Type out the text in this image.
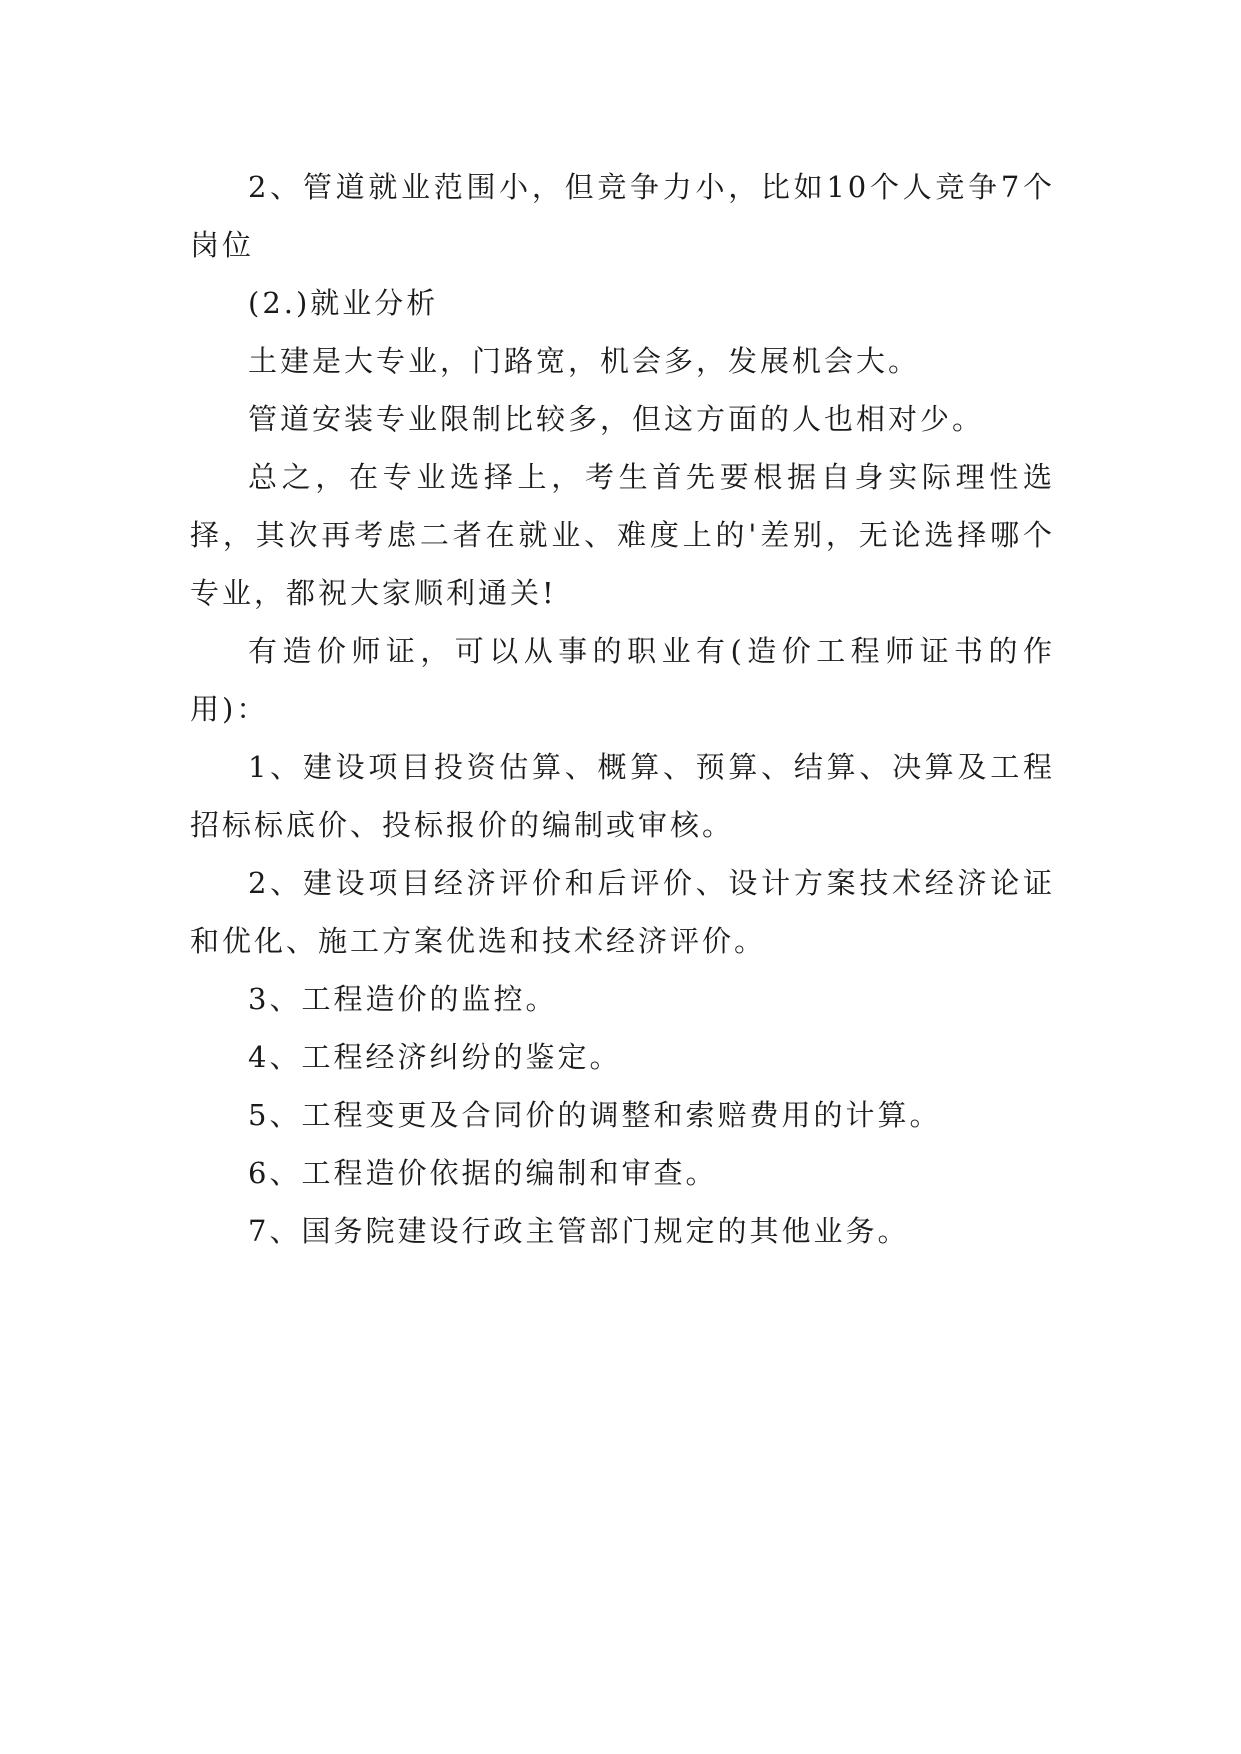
2、管道就业范围小，但竞争力小，比如10个人竞争7个岗位

(2.)就业分析

土建是大专业，门路宽，机会多，发展机会大。

管道安装专业限制比较多，但这方面的人也相对少。

总之，在专业选择上，考生首先要根据自身实际理性选择，其次再考虑二者在就业、难度上的'差别，无论选择哪个专业，都祝大家顺利通关!

有造价师证，可以从事的职业有(造价工程师证书的作用)：

1、建设项目投资估算、概算、预算、结算、决算及工程招标标底价、投标报价的编制或审核。

2、建设项目经济评价和后评价、设计方案技术经济论证和优化、施工方案优选和技术经济评价。

3、工程造价的监控。

4、工程经济纠纷的鉴定。

5、工程变更及合同价的调整和索赔费用的计算。

6、工程造价依据的编制和审查。

7、国务院建设行政主管部门规定的其他业务。
